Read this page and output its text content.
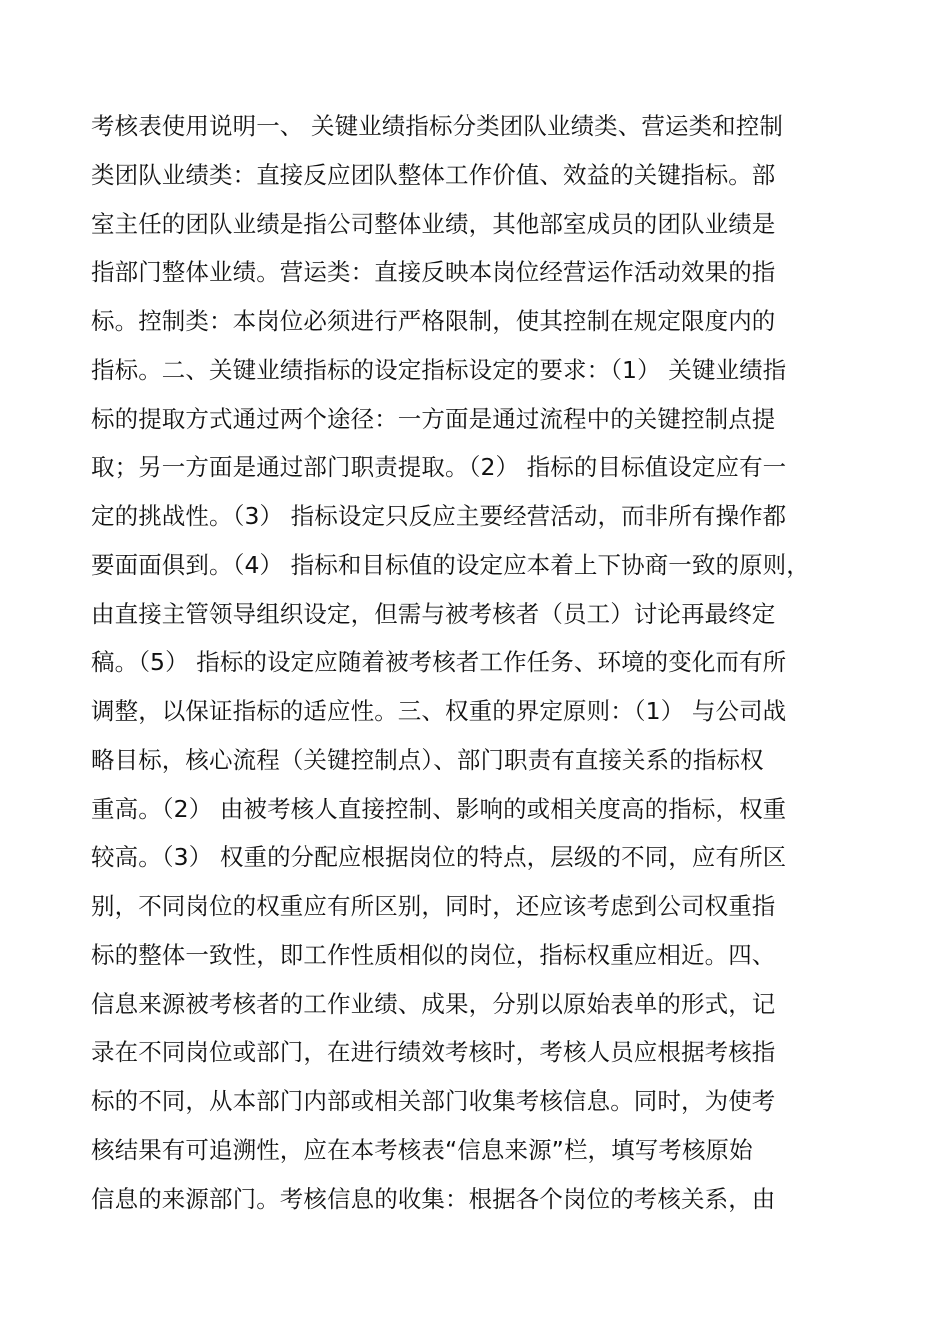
考核表使用说明一、 关键业绩指标分类团队业绩类、营运类和控制
类团队业绩类：直接反应团队整体工作价值、效益的关键指标。部
室主任的团队业绩是指公司整体业绩，其他部室成员的团队业绩是
指部门整体业绩。营运类：直接反映本岗位经营运作活动效果的指
标。控制类：本岗位必须进行严格限制，使其控制在规定限度内的
指标。二、关键业绩指标的设定指标设定的要求：（1） 关键业绩指
标的提取方式通过两个途径：一方面是通过流程中的关键控制点提
取；另一方面是通过部门职责提取。（2） 指标的目标值设定应有一
定的挑战性。（3） 指标设定只反应主要经营活动，而非所有操作都
要面面俱到。（4） 指标和目标值的设定应本着上下协商一致的原则，
由直接主管领导组织设定，但需与被考核者（员工）讨论再最终定
稿。（5） 指标的设定应随着被考核者工作任务、环境的变化而有所
调整，以保证指标的适应性。三、权重的界定原则：（1） 与公司战
略目标，核心流程（关键控制点）、部门职责有直接关系的指标权
重高。（2） 由被考核人直接控制、影响的或相关度高的指标，权重
较高。（3） 权重的分配应根据岗位的特点，层级的不同，应有所区
别，不同岗位的权重应有所区别，同时，还应该考虑到公司权重指
标的整体一致性，即工作性质相似的岗位，指标权重应相近。四、
信息来源被考核者的工作业绩、成果，分别以原始表单的形式，记
录在不同岗位或部门，在进行绩效考核时，考核人员应根据考核指
标的不同，从本部门内部或相关部门收集考核信息。同时，为使考
核结果有可追溯性，应在本考核表“信息来源”栏，填写考核原始
信息的来源部门。考核信息的收集：根据各个岗位的考核关系，由
